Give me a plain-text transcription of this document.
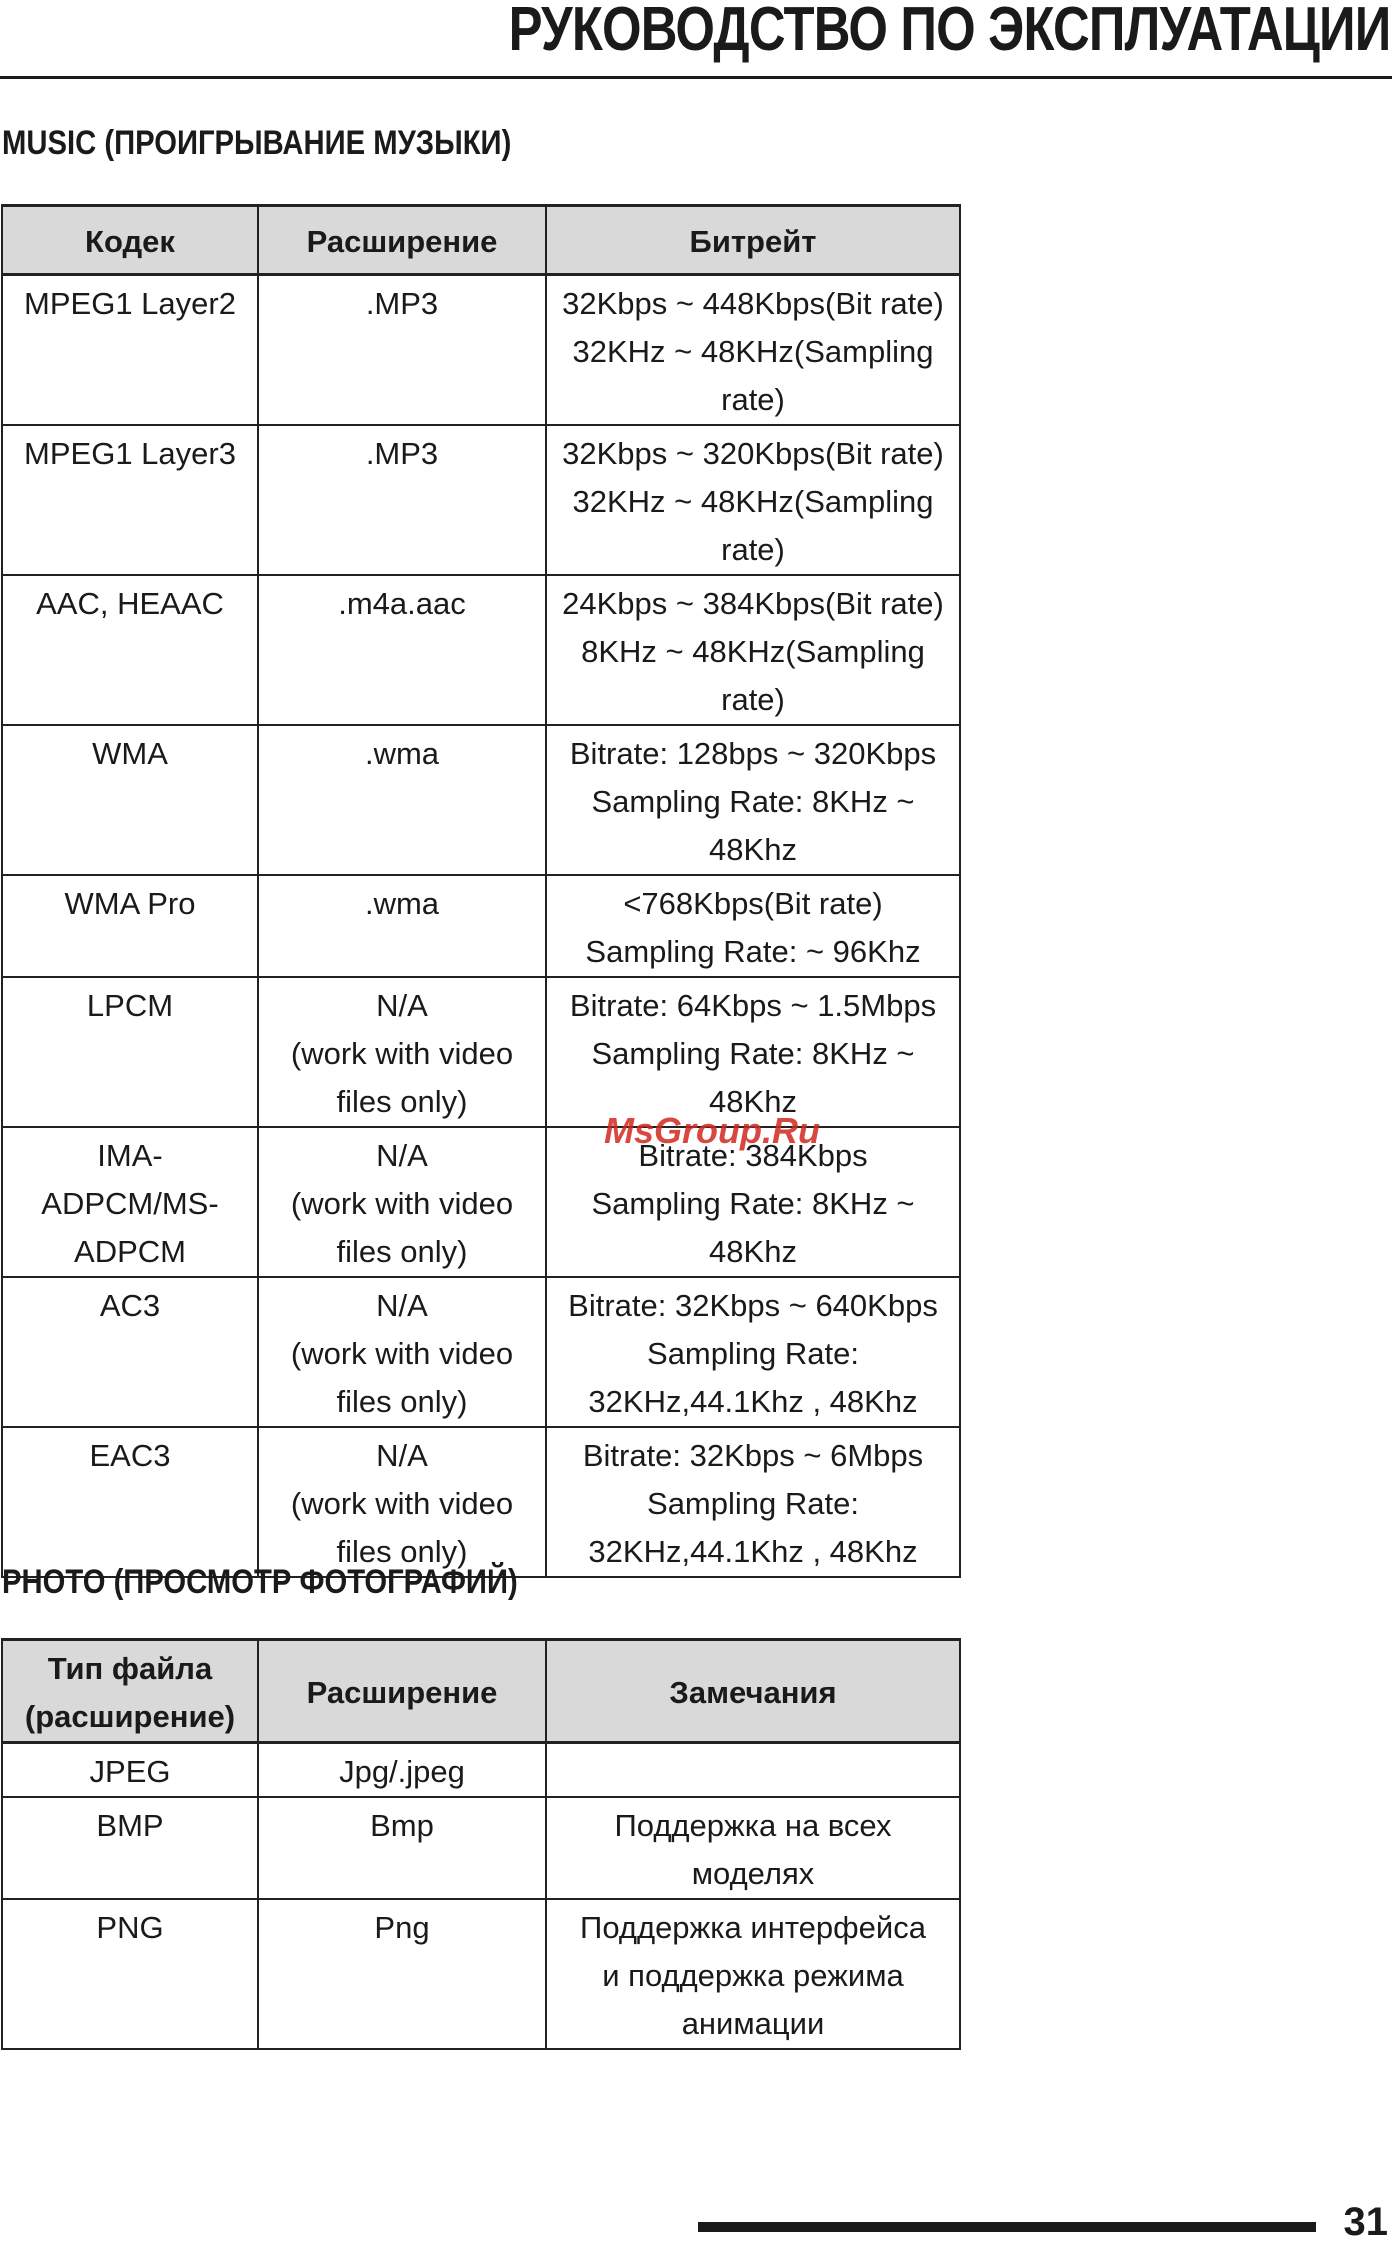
РУКОВОДСТВО ПО ЭКСПЛУАТАЦИИ
MUSIC (ПРОИГРЫВАНИЕ МУЗЫКИ)
Кодек	Расширение	Битрейт

MPEG1 Layer2	.MP3	32Kbps ~ 448Kbps(Bit rate)
32KHz ~ 48KHz(Sampling
rate)

MPEG1 Layer3	.MP3	32Kbps ~ 320Kbps(Bit rate)
32KHz ~ 48KHz(Sampling
rate)

AAC, HEAAC	.m4a.aac	24Kbps ~ 384Kbps(Bit rate)
8KHz ~ 48KHz(Sampling
rate)

WMA	.wma	Bitrate: 128bps ~ 320Kbps
Sampling Rate: 8KHz ~
48Khz

WMA Pro	.wma	<768Kbps(Bit rate)
Sampling Rate: ~ 96Khz

LPCM	N/A
(work with video
files only)	Bitrate: 64Kbps ~ 1.5Mbps
Sampling Rate: 8KHz ~
48Khz

IMA-ADPCM/MS-
ADPCM	N/A
(work with video
files only)	Bitrate: 384Kbps
Sampling Rate: 8KHz ~
48Khz

AC3	N/A
(work with video
files only)	Bitrate: 32Kbps ~ 640Kbps
Sampling Rate:
32KHz,44.1Khz , 48Khz

EAC3	N/A
(work with video
files only)	Bitrate: 32Kbps ~ 6Mbps
Sampling Rate:
32KHz,44.1Khz , 48Khz
MsGroup.Ru
PHOTO (ПРОСМОТР ФОТОГРАФИЙ)
Тип файла
(расширение)	Расширение	Замечания

JPEG	Jpg/.jpeg	

BMP	Bmp	Поддержка на всех
моделях

PNG	Png	Поддержка интерфейса
и поддержка режима
анимации
31
